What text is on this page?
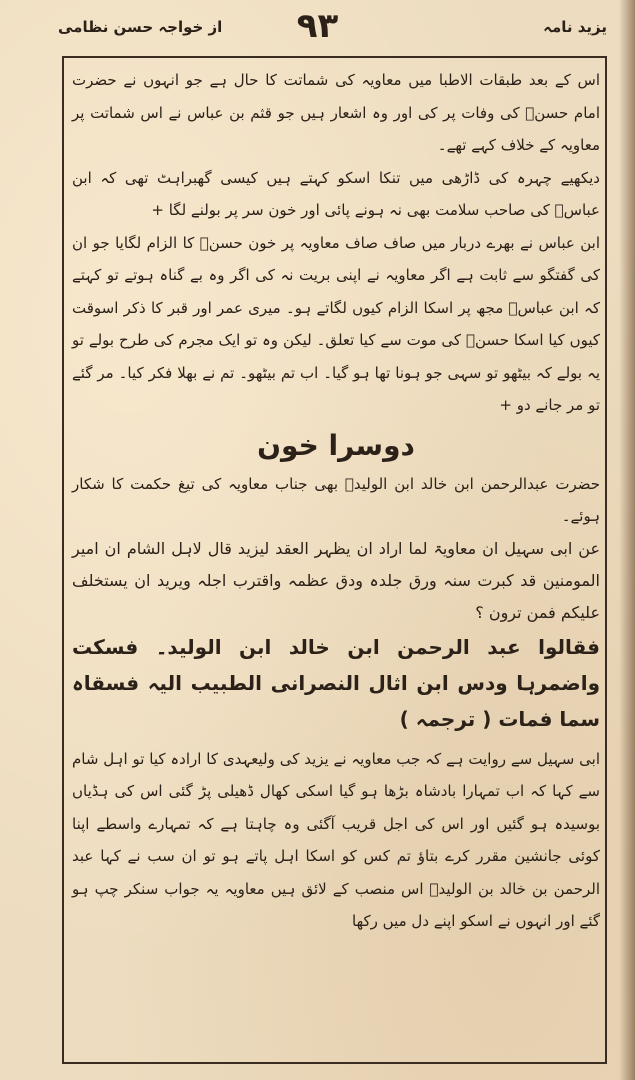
یزید نامہ
۹۳
از خواجہ حسن نظامی

اس کے بعد طبقات الاطبا میں معاویہ کی شماتت کا حال ہے جو انہوں نے حضرت امام حسنؑ کی وفات پر کی اور وہ اشعار ہیں جو قثم بن عباس نے اس شماتت پر معاویہ کے خلاف کہے تھے۔

دیکھیے چہرہ کی ڈاڑھی میں تنکا اسکو کہتے ہیں کیسی گھبراہٹ تھی کہ ابن عباسؓ کی صاحب سلامت بھی نہ ہونے پائی اور خون سر پر بولنے لگا +

ابن عباس نے بھرے دربار میں صاف صاف معاویہ پر خون حسنؑ کا الزام لگایا جو ان کی گفتگو سے ثابت ہے اگر معاویہ نے اپنی بریت نہ کی اگر وہ بے گناہ ہوتے تو کہتے کہ ابن عباسؓ مجھ پر اسکا الزام کیوں لگاتے ہو۔ میری عمر اور قبر کا ذکر اسوقت کیوں کیا اسکا حسنؑ کی موت سے کیا تعلق۔ لیکن وہ تو ایک مجرم کی طرح بولے تو یہ بولے کہ بیٹھو تو سہی جو ہونا تھا ہو گیا۔ اب تم بیٹھو۔ تم نے بھلا فکر کیا۔ مر گئے تو مر جانے دو +

دوسرا خون

حضرت عبدالرحمن ابن خالد ابن الولیدؓ بھی جناب معاویہ کی تیغ حکمت کا شکار ہوئے۔

عن ابی سہیل ان معاویۃ لما اراد ان یظہر العقد لیزید قال لاہل الشام ان امیر المومنین قد کبرت سنہ ورق جلدہ ودق عظمہ واقترب اجلہ ویرید ان یستخلف علیکم فمن ترون ؟

فقالوا عبد الرحمن ابن خالد ابن الولید۔ فسکت واضمرہا ودس ابن اثال النصرانی الطبیب الیہ فسقاہ سما فمات ( ترجمہ )

ابی سہیل سے روایت ہے کہ جب معاویہ نے یزید کی ولیعہدی کا ارادہ کیا تو اہل شام سے کہا کہ اب تمہارا بادشاہ بڑھا ہو گیا اسکی کھال ڈھیلی پڑ گئی اس کی ہڈیاں بوسیدہ ہو گئیں اور اس کی اجل قریب آگئی وہ چاہتا ہے کہ تمہارے واسطے اپنا کوئی جانشین مقرر کرے بتاؤ تم کس کو اسکا اہل پاتے ہو تو ان سب نے کہا عبد الرحمن بن خالد بن الولیدؓ اس منصب کے لائق ہیں معاویہ یہ جواب سنکر چپ ہو گئے اور انہوں نے اسکو اپنے دل میں رکھا
